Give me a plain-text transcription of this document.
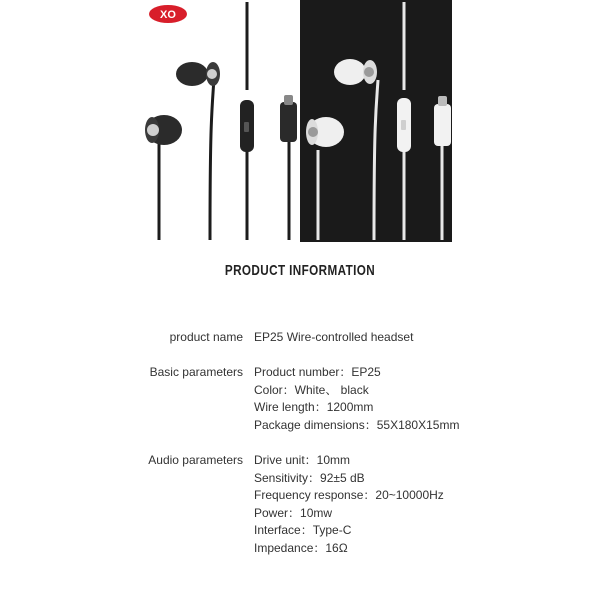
XO
PRODUCT INFORMATION
product name EP25 Wire-controlled headset
Basic parameters Product number：EP25
Color：White、 black
Wire length：1200mm
Package dimensions：55X180X15mm
Audio parameters Drive unit：10mm
Sensitivity：92±5 dB
Frequency response：20~10000Hz
Power：10mw
Interface：Type-C
Impedance：16Ω
